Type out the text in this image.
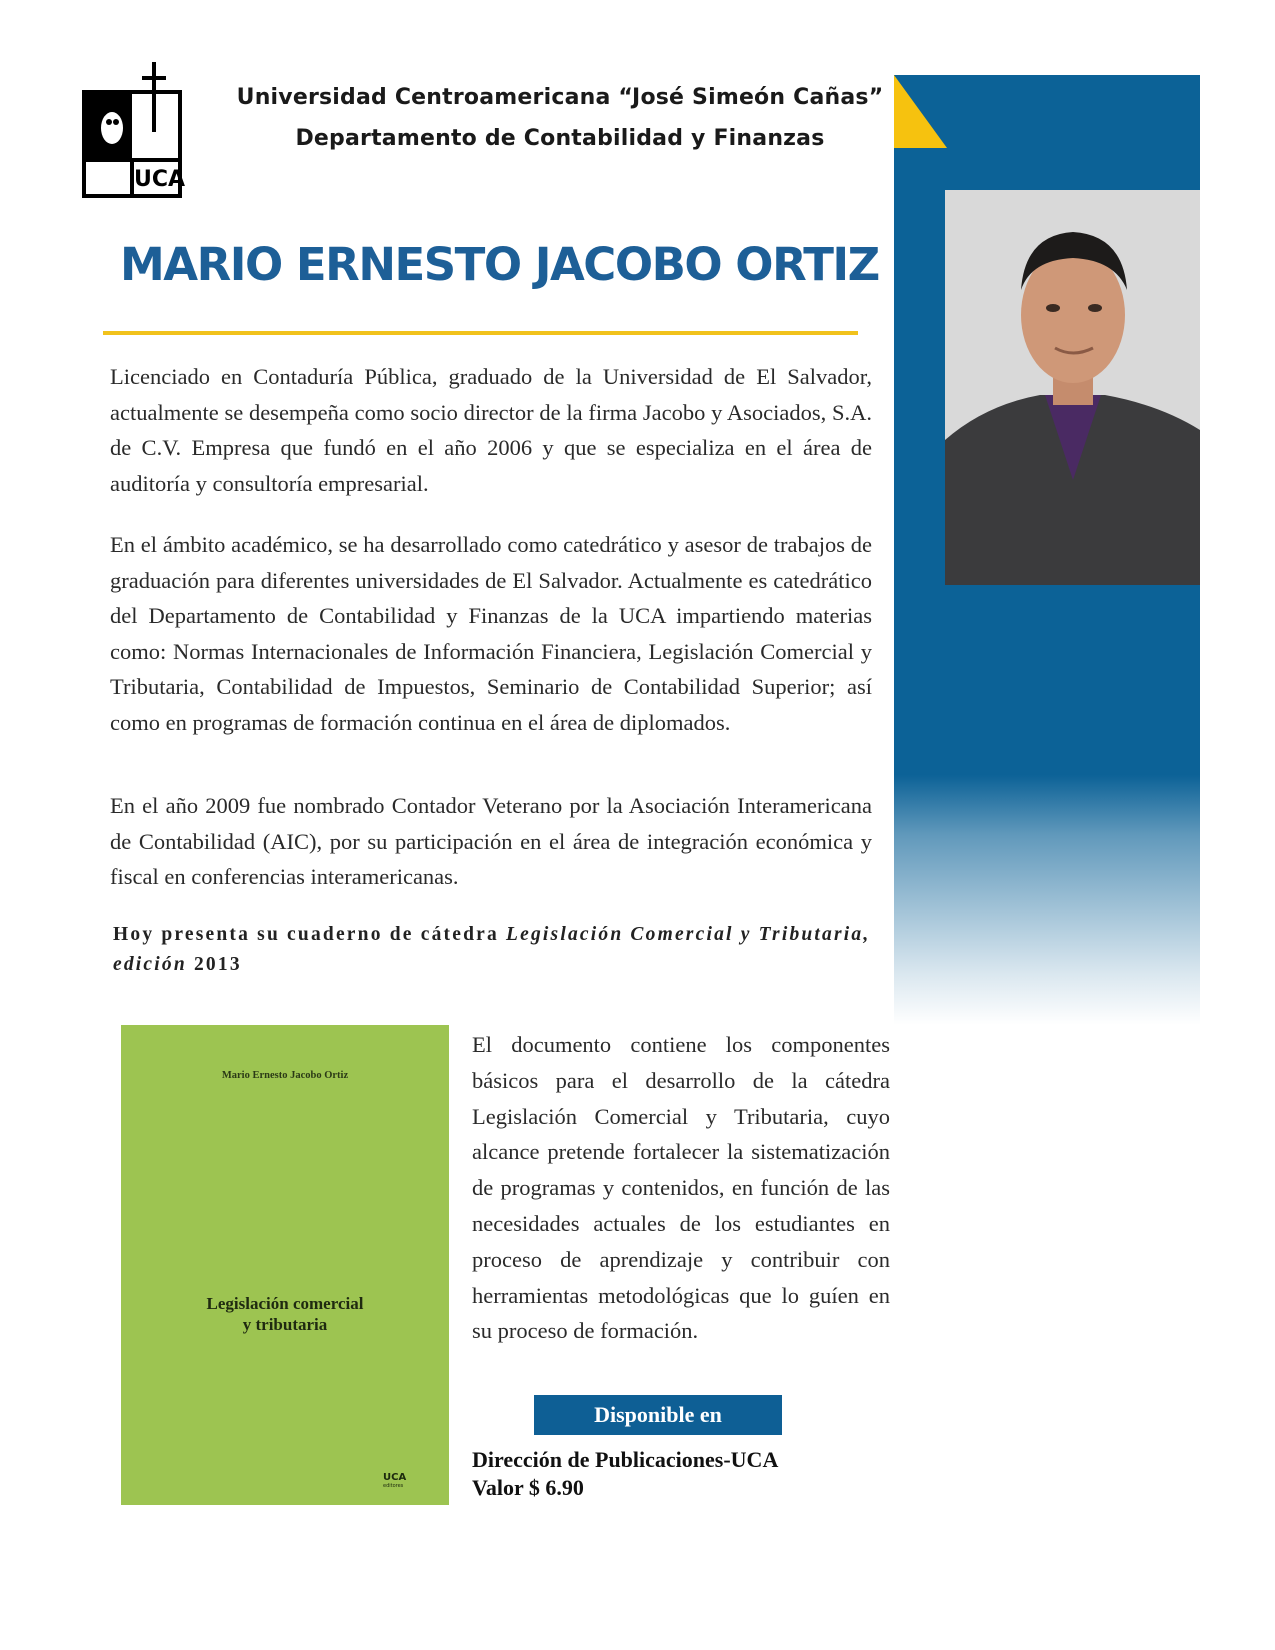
UCA
Universidad Centroamericana “José Simeón Cañas”
Departamento de Contabilidad y Finanzas
MARIO ERNESTO JACOBO ORTIZ
Licenciado en Contaduría Pública, graduado de la Universidad de El Salvador, actualmente se desempeña como socio director de la firma Jacobo y Asociados, S.A. de C.V. Empresa que fundó en el año 2006 y que se especializa en el área de auditoría y consultoría empresarial.
En el ámbito académico, se ha desarrollado como catedrático y asesor de trabajos de graduación para diferentes universidades de El Salvador. Actualmente es catedrático del Departamento de Contabilidad y Finanzas de la UCA impartiendo materias como: Normas Internacionales de Información Financiera, Legislación Comercial y Tributaria, Contabilidad de Impuestos, Seminario de Contabilidad Superior; así como en programas de formación continua en el área de diplomados.
En el año 2009 fue nombrado Contador Veterano por la Asociación Interamericana de Contabilidad (AIC), por su participación en el área de integración económica y fiscal en conferencias interamericanas.
Hoy presenta su cuaderno de cátedra Legislación Comercial y Tributaria, edición 2013
Mario Ernesto Jacobo Ortiz
Legislación comercial
y tributaria
UCA
editores
El documento contiene los componentes básicos para el desarrollo de la cátedra Legislación Comercial y Tributaria, cuyo alcance pretende fortalecer la sistematización de programas y contenidos, en función de las necesidades actuales de los estudiantes en proceso de aprendizaje y contribuir con herramientas metodológicas que lo guíen en su proceso de formación.
Disponible en
Dirección de Publicaciones-UCA
Valor $ 6.90
